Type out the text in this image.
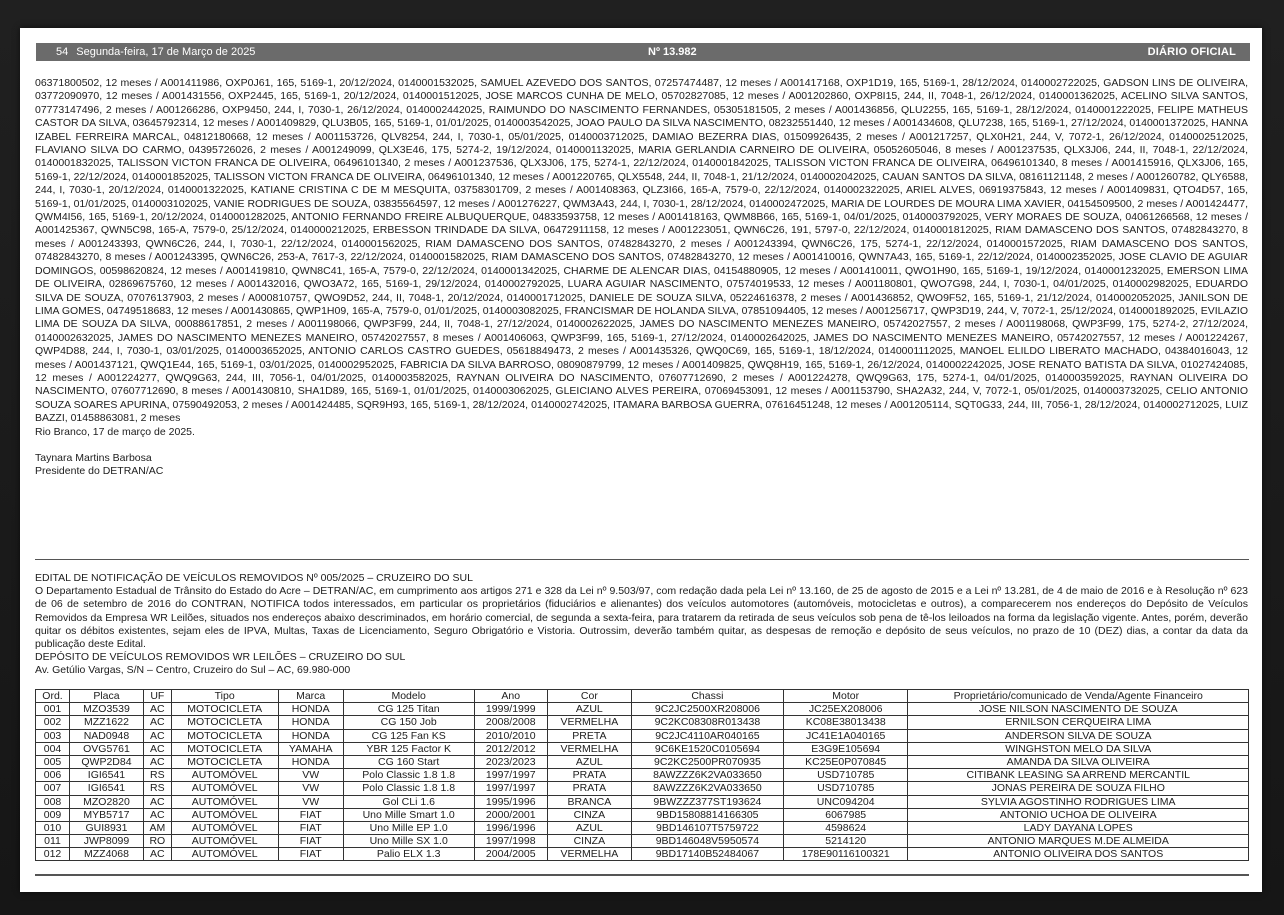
54 Segunda-feira, 17 de Março de 2025	Nº 13.982	DIÁRIO OFICIAL

06371800502, 12 meses / A001411986, OXP0J61, 165, 5169-1, 20/12/2024, 0140001532025, SAMUEL AZEVEDO DOS SANTOS, 07257474487, 12 meses / A001417168, OXP1D19, 165, 5169-1, 28/12/2024, 0140002722025, GADSON LINS DE OLIVEIRA, 03772090970, 12 meses / A001431556, OXP2445, 165, 5169-1, 20/12/2024, 0140001512025, JOSE MARCOS CUNHA DE MELO, 05702827085, 12 meses / A001202860, OXP8I15, 244, II, 7048-1, 26/12/2024, 0140001362025, ACELINO SILVA SANTOS, 07773147496, 2 meses / A001266286, OXP9450, 244, I, 7030-1, 26/12/2024, 0140002442025, RAIMUNDO DO NASCIMENTO FERNANDES, 05305181505, 2 meses / A001436856, QLU2255, 165, 5169-1, 28/12/2024, 0140001222025, FELIPE MATHEUS CASTOR DA SILVA, 03645792314, 12 meses / A001409829, QLU3B05, 165, 5169-1, 01/01/2025, 0140003542025, JOAO PAULO DA SILVA NASCIMENTO, 08232551440, 12 meses / A001434608, QLU7238, 165, 5169-1, 27/12/2024, 0140001372025, HANNA IZABEL FERREIRA MARCAL, 04812180668, 12 meses / A001153726, QLV8254, 244, I, 7030-1, 05/01/2025, 0140003712025, DAMIAO BEZERRA DIAS, 01509926435, 2 meses / A001217257, QLX0H21, 244, V, 7072-1, 26/12/2024, 0140002512025, FLAVIANO SILVA DO CARMO, 04395726026, 2 meses / A001249099, QLX3E46, 175, 5274-2, 19/12/2024, 0140001132025, MARIA GERLANDIA CARNEIRO DE OLIVEIRA, 05052605046, 8 meses / A001237535, QLX3J06, 244, II, 7048-1, 22/12/2024, 0140001832025, TALISSON VICTON FRANCA DE OLIVEIRA, 06496101340, 2 meses / A001237536, QLX3J06, 175, 5274-1, 22/12/2024, 0140001842025, TALISSON VICTON FRANCA DE OLIVEIRA, 06496101340, 8 meses / A001415916, QLX3J06, 165, 5169-1, 22/12/2024, 0140001852025, TALISSON VICTON FRANCA DE OLIVEIRA, 06496101340, 12 meses / A001220765, QLX5548, 244, II, 7048-1, 21/12/2024, 0140002042025, CAUAN SANTOS DA SILVA, 08161121148, 2 meses / A001260782, QLY6588, 244, I, 7030-1, 20/12/2024, 0140001322025, KATIANE CRISTINA C DE M MESQUITA, 03758301709, 2 meses / A001408363, QLZ3I66, 165-A, 7579-0, 22/12/2024, 0140002322025, ARIEL ALVES, 06919375843, 12 meses / A001409831, QTO4D57, 165, 5169-1, 01/01/2025, 0140003102025, VANIE RODRIGUES DE SOUZA, 03835564597, 12 meses / A001276227, QWM3A43, 244, I, 7030-1, 28/12/2024, 0140002472025, MARIA DE LOURDES DE MOURA LIMA XAVIER, 04154509500, 2 meses / A001424477, QWM4I56, 165, 5169-1, 20/12/2024, 0140001282025, ANTONIO FERNANDO FREIRE ALBUQUERQUE, 04833593758, 12 meses / A001418163, QWM8B66, 165, 5169-1, 04/01/2025, 0140003792025, VERY MORAES DE SOUZA, 04061266568, 12 meses / A001425367, QWN5C98, 165-A, 7579-0, 25/12/2024, 0140000212025, ERBESSON TRINDADE DA SILVA, 06472911158, 12 meses / A001223051, QWN6C26, 191, 5797-0, 22/12/2024, 0140001812025, RIAM DAMASCENO DOS SANTOS, 07482843270, 8 meses / A001243393, QWN6C26, 244, I, 7030-1, 22/12/2024, 0140001562025, RIAM DAMASCENO DOS SANTOS, 07482843270, 2 meses / A001243394, QWN6C26, 175, 5274-1, 22/12/2024, 0140001572025, RIAM DAMASCENO DOS SANTOS, 07482843270, 8 meses / A001243395, QWN6C26, 253-A, 7617-3, 22/12/2024, 0140001582025, RIAM DAMASCENO DOS SANTOS, 07482843270, 12 meses / A001410016, QWN7A43, 165, 5169-1, 22/12/2024, 0140002352025, JOSE CLAVIO DE AGUIAR DOMINGOS, 00598620824, 12 meses / A001419810, QWN8C41, 165-A, 7579-0, 22/12/2024, 0140001342025, CHARME DE ALENCAR DIAS, 04154880905, 12 meses / A001410011, QWO1H90, 165, 5169-1, 19/12/2024, 0140001232025, EMERSON LIMA DE OLIVEIRA, 02869675760, 12 meses / A001432016, QWO3A72, 165, 5169-1, 29/12/2024, 0140002792025, LUARA AGUIAR NASCIMENTO, 07574019533, 12 meses / A001180801, QWO7G98, 244, I, 7030-1, 04/01/2025, 0140002982025, EDUARDO SILVA DE SOUZA, 07076137903, 2 meses / A000810757, QWO9D52, 244, II, 7048-1, 20/12/2024, 0140001712025, DANIELE DE SOUZA SILVA, 05224616378, 2 meses / A001436852, QWO9F52, 165, 5169-1, 21/12/2024, 0140002052025, JANILSON DE LIMA GOMES, 04749518683, 12 meses / A001430865, QWP1H09, 165-A, 7579-0, 01/01/2025, 0140003082025, FRANCISMAR DE HOLANDA SILVA, 07851094405, 12 meses / A001256717, QWP3D19, 244, V, 7072-1, 25/12/2024, 0140001892025, EVILAZIO LIMA DE SOUZA DA SILVA, 00088617851, 2 meses / A001198066, QWP3F99, 244, II, 7048-1, 27/12/2024, 0140002622025, JAMES DO NASCIMENTO MENEZES MANEIRO, 05742027557, 2 meses / A001198068, QWP3F99, 175, 5274-2, 27/12/2024, 0140002632025, JAMES DO NASCIMENTO MENEZES MANEIRO, 05742027557, 8 meses / A001406063, QWP3F99, 165, 5169-1, 27/12/2024, 0140002642025, JAMES DO NASCIMENTO MENEZES MANEIRO, 05742027557, 12 meses / A001224267, QWP4D88, 244, I, 7030-1, 03/01/2025, 0140003652025, ANTONIO CARLOS CASTRO GUEDES, 05618849473, 2 meses / A001435326, QWQ0C69, 165, 5169-1, 18/12/2024, 0140001112025, MANOEL ELILDO LIBERATO MACHADO, 04384016043, 12 meses / A001437121, QWQ1E44, 165, 5169-1, 03/01/2025, 0140002952025, FABRICIA DA SILVA BARROSO, 08090879799, 12 meses / A001409825, QWQ8H19, 165, 5169-1, 26/12/2024, 0140002242025, JOSE RENATO BATISTA DA SILVA, 01027424085, 12 meses / A001224277, QWQ9G63, 244, III, 7056-1, 04/01/2025, 0140003582025, RAYNAN OLIVEIRA DO NASCIMENTO, 07607712690, 2 meses / A001224278, QWQ9G63, 175, 5274-1, 04/01/2025, 0140003592025, RAYNAN OLIVEIRA DO NASCIMENTO, 07607712690, 8 meses / A001430810, SHA1D89, 165, 5169-1, 01/01/2025, 0140003062025, GLEICIANO ALVES PEREIRA, 07069453091, 12 meses / A001153790, SHA2A32, 244, V, 7072-1, 05/01/2025, 0140003732025, CELIO ANTONIO SOUZA SOARES APURINA, 07590492053, 2 meses / A001424485, SQR9H93, 165, 5169-1, 28/12/2024, 0140002742025, ITAMARA BARBOSA GUERRA, 07616451248, 12 meses / A001205114, SQT0G33, 244, III, 7056-1, 28/12/2024, 0140002712025, LUIZ BAZZI, 01458863081, 2 meses

Rio Branco, 17 de março de 2025.

Taynara Martins Barbosa

Presidente do DETRAN/AC

EDITAL DE NOTIFICAÇÃO DE VEÍCULOS REMOVIDOS Nº 005/2025 – CRUZEIRO DO SUL

O Departamento Estadual de Trânsito do Estado do Acre – DETRAN/AC, em cumprimento aos artigos 271 e 328 da Lei nº 9.503/97, com redação dada pela Lei nº 13.160, de 25 de agosto de 2015 e a Lei nº 13.281, de 4 de maio de 2016 e à Resolução nº 623 de 06 de setembro de 2016 do CONTRAN, NOTIFICA todos interessados, em particular os proprietários (fiduciários e alienantes) dos veículos automotores (automóveis, motocicletas e outros), a comparecerem nos endereços do Depósito de Veículos Removidos da Empresa WR Leilões, situados nos endereços abaixo descriminados, em horário comercial, de segunda a sexta-feira, para tratarem da retirada de seus veículos sob pena de tê-los leiloados na forma da legislação vigente. Antes, porém, deverão quitar os débitos existentes, sejam eles de IPVA, Multas, Taxas de Licenciamento, Seguro Obrigatório e Vistoria. Outrossim, deverão também quitar, as despesas de remoção e depósito de seus veículos, no prazo de 10 (DEZ) dias, a contar da data da publicação deste Edital.

DEPÓSITO DE VEÍCULOS REMOVIDOS WR LEILÕES – CRUZEIRO DO SUL

Av. Getúlio Vargas, S/N – Centro, Cruzeiro do Sul – AC, 69.980-000

Ord.	Placa	UF	Tipo	Marca	Modelo	Ano	Cor	Chassi	Motor	Proprietário/comunicado de Venda/Agente Financeiro
001	MZO3539	AC	MOTOCICLETA	HONDA	CG 125 Titan	1999/1999	AZUL	9C2JC2500XR208006	JC25EX208006	JOSE NILSON NASCIMENTO DE SOUZA
002	MZZ1622	AC	MOTOCICLETA	HONDA	CG 150 Job	2008/2008	VERMELHA	9C2KC08308R013438	KC08E38013438	ERNILSON CERQUEIRA LIMA
003	NAD0948	AC	MOTOCICLETA	HONDA	CG 125 Fan KS	2010/2010	PRETA	9C2JC4110AR040165	JC41E1A040165	ANDERSON SILVA DE SOUZA
004	OVG5761	AC	MOTOCICLETA	YAMAHA	YBR 125 Factor K	2012/2012	VERMELHA	9C6KE1520C0105694	E3G9E105694	WINGHSTON MELO DA SILVA
005	QWP2D84	AC	MOTOCICLETA	HONDA	CG 160 Start	2023/2023	AZUL	9C2KC2500PR070935	KC25E0P070845	AMANDA DA SILVA OLIVEIRA
006	IGI6541	RS	AUTOMÓVEL	VW	Polo Classic 1.8 1.8	1997/1997	PRATA	8AWZZZ6K2VA033650	USD710785	CITIBANK LEASING SA ARREND MERCANTIL
007	IGI6541	RS	AUTOMÓVEL	VW	Polo Classic 1.8 1.8	1997/1997	PRATA	8AWZZZ6K2VA033650	USD710785	JONAS PEREIRA DE SOUZA FILHO
008	MZO2820	AC	AUTOMÓVEL	VW	Gol CLi 1.6	1995/1996	BRANCA	9BWZZZ377ST193624	UNC094204	SYLVIA AGOSTINHO RODRIGUES LIMA
009	MYB5717	AC	AUTOMÓVEL	FIAT	Uno Mille Smart 1.0	2000/2001	CINZA	9BD15808814166305	6067985	ANTONIO UCHOA DE OLIVEIRA
010	GUI8931	AM	AUTOMÓVEL	FIAT	Uno Mille EP 1.0	1996/1996	AZUL	9BD146107T5759722	4598624	LADY DAYANA LOPES
011	JWP8099	RO	AUTOMÓVEL	FIAT	Uno Mille SX 1.0	1997/1998	CINZA	9BD146048V5950574	5214120	ANTONIO MARQUES M.DE ALMEIDA
012	MZZ4068	AC	AUTOMÓVEL	FIAT	Palio ELX 1.3	2004/2005	VERMELHA	9BD17140B52484067	178E90116100321	ANTONIO OLIVEIRA DOS SANTOS
